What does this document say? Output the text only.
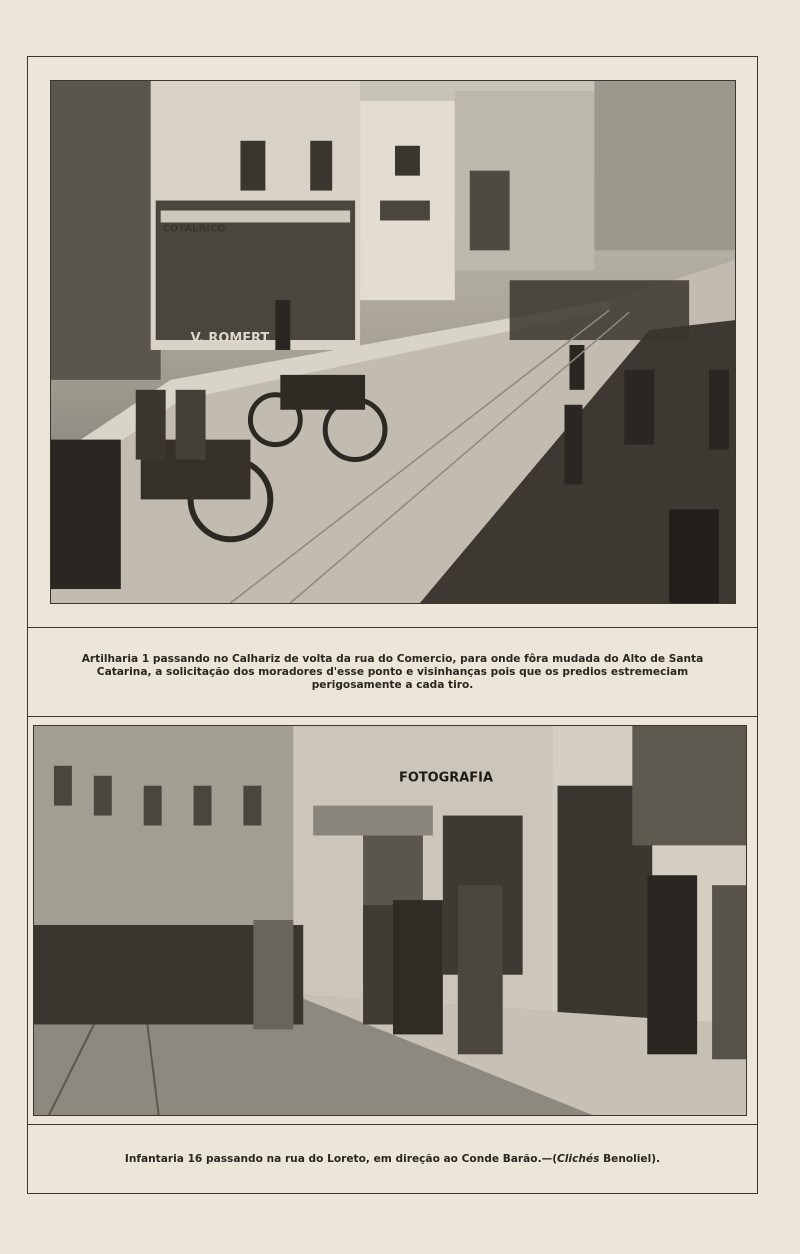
V. ROMERT
COTALRICO

Artilharia 1 passando no Calhariz de volta da rua do Comercio, para onde fôra mudada do Alto de Santa Catarina, a solicitação dos moradores d'esse ponto e visinhanças pois que os predios estremeciam perigosamente a cada tiro.

FOTOGRAFIA

Infantaria 16 passando na rua do Loreto, em direção ao Conde Barão.—(Clichés Benoliel).
